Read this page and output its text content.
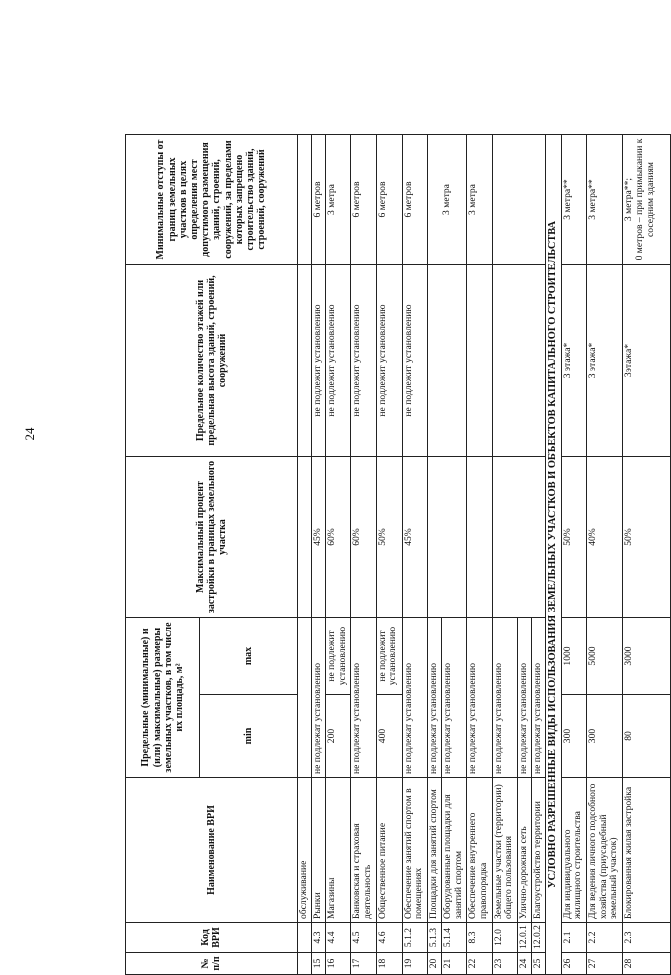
24
№ п/п	Код ВРИ	Наименование ВРИ	Предельные (минимальные) и (или) максимальные) размеры земельных участков, в том числе их площадь, м²		Максимальный процент застройки в границах земельного участка	Предельное количество этажей или предельная высота зданий, строений, сооружений	Минимальные отступы от границ земельных участков в целях определения мест допустимого размещения зданий, строений, сооружений, за пределами которых запрещено строительство зданий, строений, сооружений
			min	max			
		обслуживание					
15	4.3	Рынки	не подлежат установлению		45%	не подлежит установлению	6 метров
16	4.4	Магазины	200	не подлежит установлению	60%	не подлежит установлению	3 метра
17	4.5	Банковская и страховая деятельность	не подлежат установлению		60%	не подлежит установлению	6 метров
18	4.6	Общественное питание	400	не подлежит установлению	50%	не подлежит установлению	6 метров
19	5.1.2	Обеспечение занятий спортом в помещениях	не подлежат установлению		45%	не подлежит установлению	6 метров
20	5.1.3	Площадки для занятий спортом	не подлежат установлению				3 метра
21	5.1.4	Оборудованные площадки для занятий спортом	не подлежат установлению				
22	8.3	Обеспечение внутреннего правопорядка	не подлежат установлению				3 метра
23	12.0	Земельные участки (территории) общего пользования	не подлежат установлению				
24	12.0.1	Улично-дорожная сеть	не подлежат установлению				
25	12.0.2	Благоустройство территории	не подлежат установлению				
УСЛОВНО РАЗРЕШЕННЫЕ ВИДЫ ИСПОЛЬЗОВАНИЯ ЗЕМЕЛЬНЫХ УЧАСТКОВ И ОБЪЕКТОВ КАПИТАЛЬНОГО СТРОИТЕЛЬСТВА							
26	2.1	Для индивидуального жилищного строительства	300	1000	50%	3 этажа*	3 метра**
27	2.2	Для ведения личного подсобного хозяйства (приусадебный земельный участок)	300	5000	40%	3 этажа*	3 метра**
28	2.3	Блокированная жилая застройка	80	3000	50%	3этажа*	3 метра**; 0 метров – при примыкании к соседним зданиям
